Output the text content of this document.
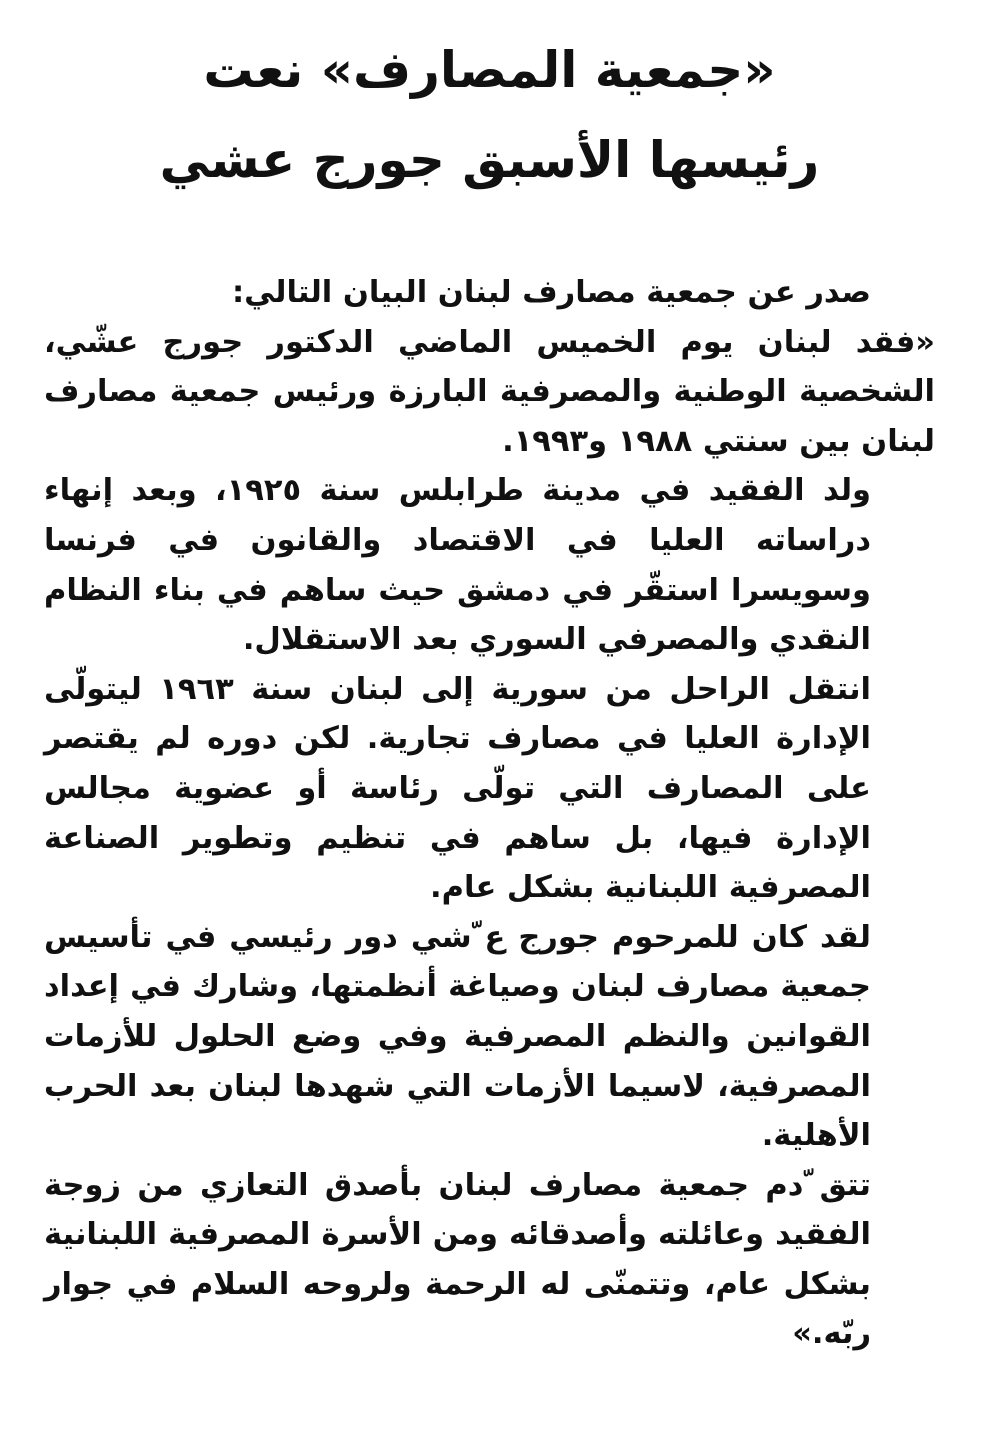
«جمعية المصارف» نعت
رئيسها الأسبق جورج عشي

صدر عن جمعية مصارف لبنان البيان التالي:

«فقد لبنان يوم الخميس الماضي الدكتور جورج عشّي، الشخصية الوطنية والمصرفية البارزة ورئيس جمعية مصارف لبنان بين سنتي ١٩٨٨ و١٩٩٣.

ولد الفقيد في مدينة طرابلس سنة ١٩٢٥، وبعد إنهاء دراساته العليا في الاقتصاد والقانون في فرنسا وسويسرا استقّر في دمشق حيث ساهم في بناء النظام النقدي والمصرفي السوري بعد الاستقلال.

انتقل الراحل من سورية إلى لبنان سنة ١٩٦٣ ليتولّى الإدارة العليا في مصارف تجارية. لكن دوره لم يقتصر على المصارف التي تولّى رئاسة أو عضوية مجالس الإدارة فيها، بل ساهم في تنظيم وتطوير الصناعة المصرفية اللبنانية بشكل عام.

لقد كان للمرحوم جورج ع ّشي دور رئيسي في تأسيس جمعية مصارف لبنان وصياغة أنظمتها، وشارك في إعداد القوانين والنظم المصرفية وفي وضع الحلول للأزمات المصرفية، لاسيما الأزمات التي شهدها لبنان بعد الحرب الأهلية.

تتق ّدم جمعية مصارف لبنان بأصدق التعازي من زوجة الفقيد وعائلته وأصدقائه ومن الأسرة المصرفية اللبنانية بشكل عام، وتتمنّى له الرحمة ولروحه السلام في جوار ربّه.»
